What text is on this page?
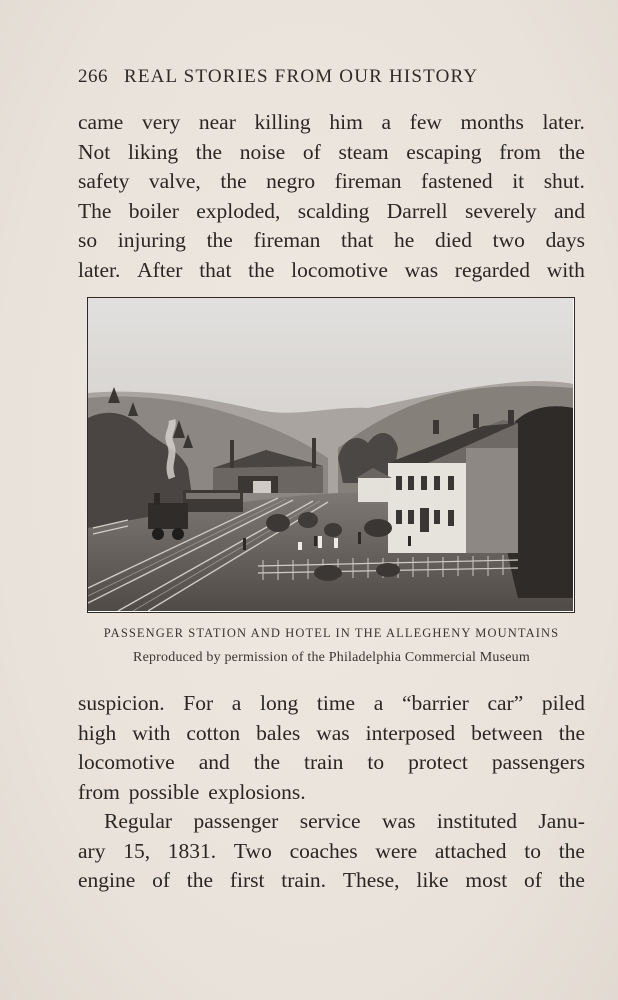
266 REAL STORIES FROM OUR HISTORY
came very near killing him a few months later.
Not liking the noise of steam escaping from the
safety valve, the negro fireman fastened it shut.
The boiler exploded, scalding Darrell severely and
so injuring the fireman that he died two days
later. After that the locomotive was regarded with
PASSENGER STATION AND HOTEL IN THE ALLEGHENY MOUNTAINS
Reproduced by permission of the Philadelphia Commercial Museum
suspicion. For a long time a “barrier car” piled
high with cotton bales was interposed between the
locomotive and the train to protect passengers
from possible explosions.
Regular passenger service was instituted Janu-
ary 15, 1831. Two coaches were attached to the
engine of the first train. These, like most of the
